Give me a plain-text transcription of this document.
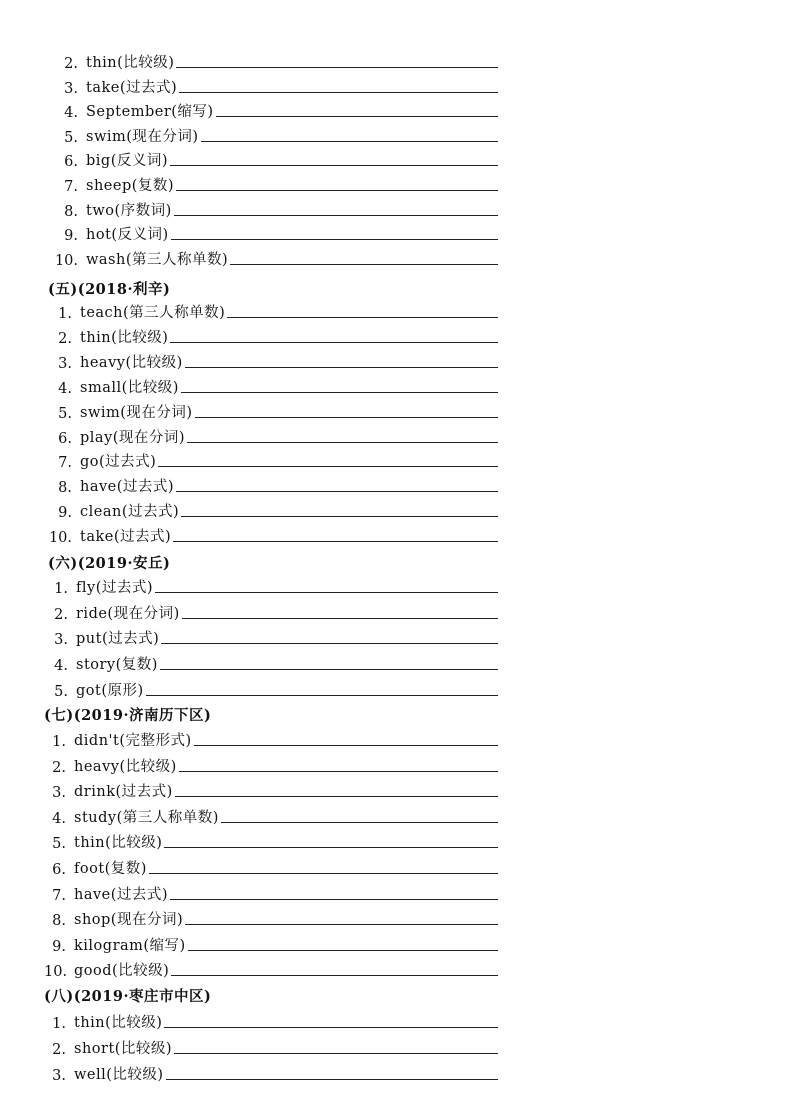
2. thin(比较级)
3. take(过去式)
4. September(缩写)
5. swim(现在分词)
6. big(反义词)
7. sheep(复数)
8. two(序数词)
9. hot(反义词)
10. wash(第三人称单数)
(五)(2018·利辛)
1. teach(第三人称单数)
2. thin(比较级)
3. heavy(比较级)
4. small(比较级)
5. swim(现在分词)
6. play(现在分词)
7. go(过去式)
8. have(过去式)
9. clean(过去式)
10. take(过去式)
(六)(2019·安丘)
1. fly(过去式)
2. ride(现在分词)
3. put(过去式)
4. story(复数)
5. got(原形)
(七)(2019·济南历下区)
1. didn't(完整形式)
2. heavy(比较级)
3. drink(过去式)
4. study(第三人称单数)
5. thin(比较级)
6. foot(复数)
7. have(过去式)
8. shop(现在分词)
9. kilogram(缩写)
10. good(比较级)
(八)(2019·枣庄市中区)
1. thin(比较级)
2. short(比较级)
3. well(比较级)
